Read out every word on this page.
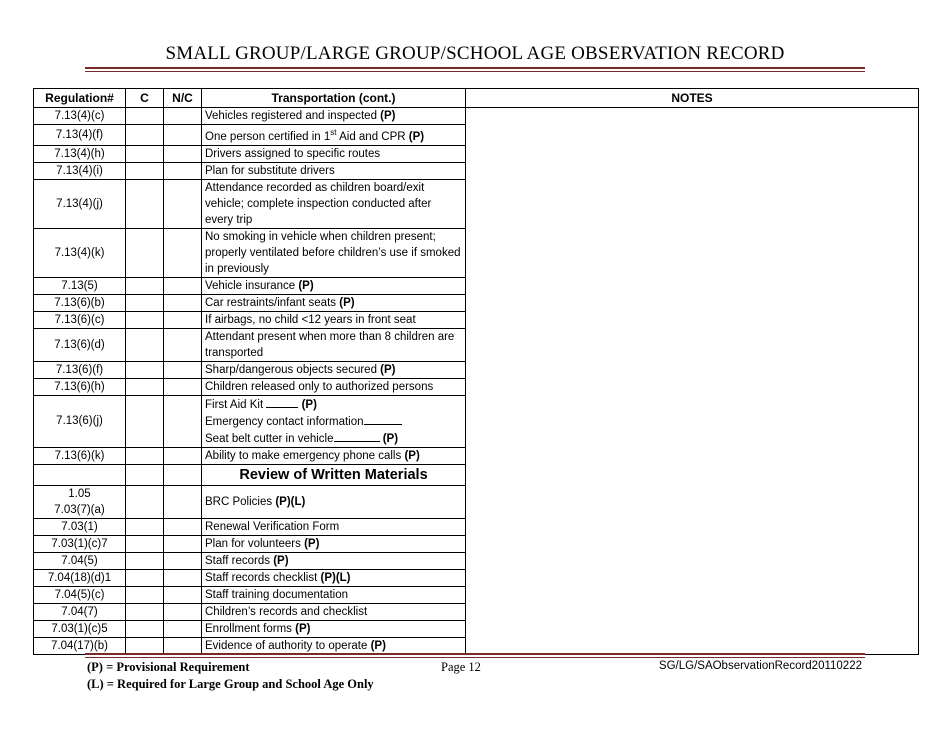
SMALL GROUP/LARGE GROUP/SCHOOL AGE OBSERVATION RECORD
Regulation#	C	N/C	Transportation (cont.)	NOTES
7.13(4)(c)			Vehicles registered and inspected (P)	
7.13(4)(f)			One person certified in 1st Aid and CPR (P)	
7.13(4)(h)			Drivers assigned to specific routes	
7.13(4)(i)			Plan for substitute drivers	
7.13(4)(j)			Attendance recorded as children board/exit vehicle; complete inspection conducted after every trip	
7.13(4)(k)			No smoking in vehicle when children present; properly ventilated before children’s use if smoked in previously	
7.13(5)			Vehicle insurance (P)	
7.13(6)(b)			Car restraints/infant seats (P)	
7.13(6)(c)			If airbags, no child <12 years in front seat	
7.13(6)(d)			Attendant present when more than 8 children are transported	
7.13(6)(f)			Sharp/dangerous objects secured (P)	
7.13(6)(h)			Children released only to authorized persons	
7.13(6)(j)			First Aid Kit (P)
Emergency contact information
Seat belt cutter in vehicle (P)	

7.13(6)(k)			Ability to make emergency phone calls (P)	
			Review of Written Materials	
1.05
7.03(7)(a)			BRC Policies (P)(L)	
7.03(1)			Renewal Verification Form	
7.03(1)(c)7			Plan for volunteers (P)	
7.04(5)			Staff records (P)	
7.04(18)(d)1			Staff records checklist (P)(L)	
7.04(5)(c)			Staff training documentation	
7.04(7)			Children’s records and checklist	
7.03(1)(c)5			Enrollment forms (P)	
7.04(17)(b)			Evidence of authority to operate (P)	
(P) = Provisional Requirement
(L) = Required for Large Group and School Age Only
Page 12	SG/LG/SAObservationRecord20110222
